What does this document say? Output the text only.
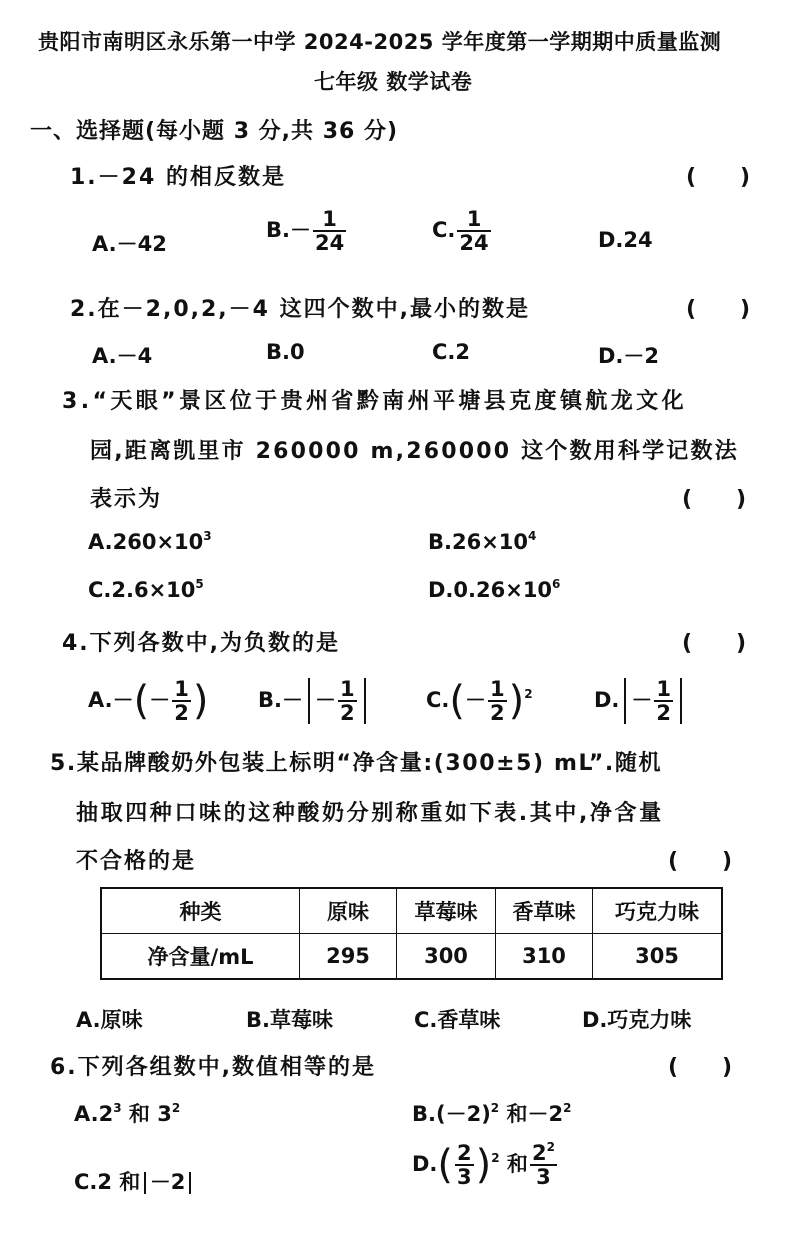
贵阳市南明区永乐第一中学 2024-2025 学年度第一学期期中质量监测
七年级 数学试卷
一、选择题(每小题 3 分,共 36 分)
1.－24 的相反数是	(　　)
A.－42
$B.- \frac{1}{24}$	C. $\frac{1}{24}$	D.24
2.在－2,0,2,－4 这四个数中,最小的数是	(　　)
A.－4	B.0	C.2	D.－2
3.“天眼”景区位于贵州省黔南州平塘县克度镇航龙文化
园,距离凯里市 260000 m,260000 这个数用科学记数法
表示为	(　　)
$A.260\times 10^3$	$B.26\times 10^4$
$C.2.6\times 10^5$	$D.0.26\times 10^6$
4.下列各数中,为负数的是	(　　)
$A.-(- \frac{1}{2}$ ) $B.- - \frac{1}{2}$	$C.(- \frac{1}{2} )^2$	D. － $\frac{1}{2}$
5.某品牌酸奶外包装上标明“净含量:(300±5) mL”.随机
抽取四种口味的这种酸奶分别称重如下表.其中,净含量
不合格的是	(　　)
种类	原味	草莓味	香草味	巧克力味
净含量/mL	295	300	310	305
A.原味	B.草莓味	C.香草味	D.巧克力味
6.下列各组数中,数值相等的是	(　　)
$A.2^3$ 和 $3^2$	$B.(-2)^2$ 和$-2^2$
C.2 和 －2
$D.( \frac{2}{3} )^2$ 和 $\frac{2^2}{3}$
